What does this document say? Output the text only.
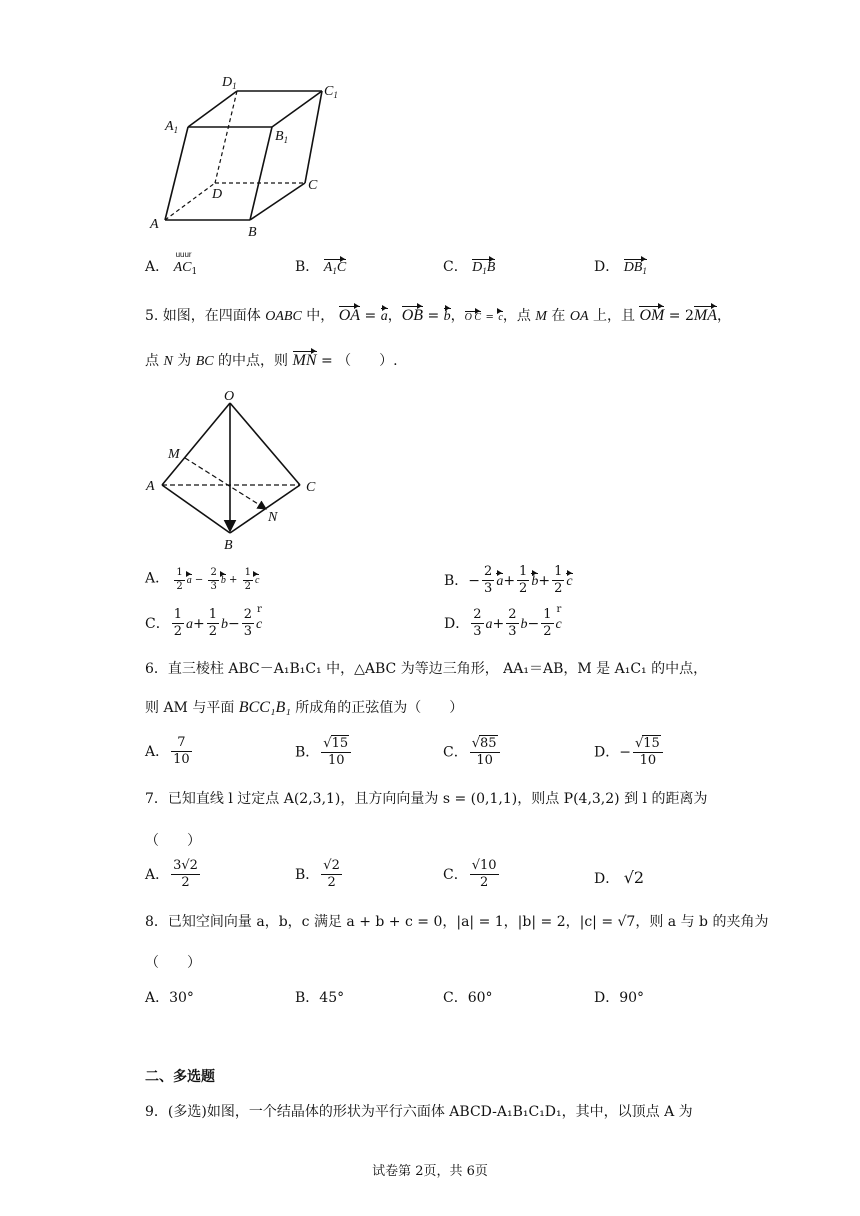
$D_1$	$C_1$
$A_1$	$B_1$
D
C
A
B
A．
uuur
$AC_1$	B． $A_1C$	C． $D_1B$	D． $DB_1$
5. 如图，在四面体 OABC 中， OA = a，OB = b，O C = c，点 M 在 OA 上，且 OM = 2MA，
点 N 为 BC 的中点，则 MN = （　　）.
O
M
A	C
N
B
A． $\frac{1}{2}$ $a - \frac{2}{3}$ $b + \frac{1}{2}$ c	B．− $\frac{2}{3} a+ \frac{1}{2} b+ \frac{1}{2}$ c
C． $\frac{1}{2} a+ \frac{1}{2} b- \frac{2}{3}$ r
c	D． $\frac{2}{3} a+ \frac{2}{3} b- \frac{1}{2}$ r
c
6．直三棱柱 ABC－A₁B₁C₁ 中，△ABC 为等边三角形， AA₁＝AB，M 是 A₁C₁ 的中点，
则 AM 与平面 BCC₁B₁ 所成角的正弦值为（　　）
A． $\frac{7}{10}$	B． $\frac{√15}{10}$	C． $\frac{√85}{10}$	D．− $\frac{√15}{10}$
7．已知直线 l 过定点 A(2,3,1)，且方向向量为 s = (0,1,1)，则点 P(4,3,2) 到 l 的距离为
（　　）
A． $\frac{3√2}{2}$	B． $\frac{√2}{2}$	C． $\frac{√10}{2}$	D． √2
8．已知空间向量 a，b，c 满足 a + b + c = 0，|a| = 1，|b| = 2，|c| = √7，则 a 与 b 的夹角为
（　　）
A．30°	B．45°	C．60°	D．90°
二、多选题
9．(多选)如图，一个结晶体的形状为平行六面体 ABCD-A₁B₁C₁D₁，其中，以顶点 A 为
试卷第 2页，共 6页
